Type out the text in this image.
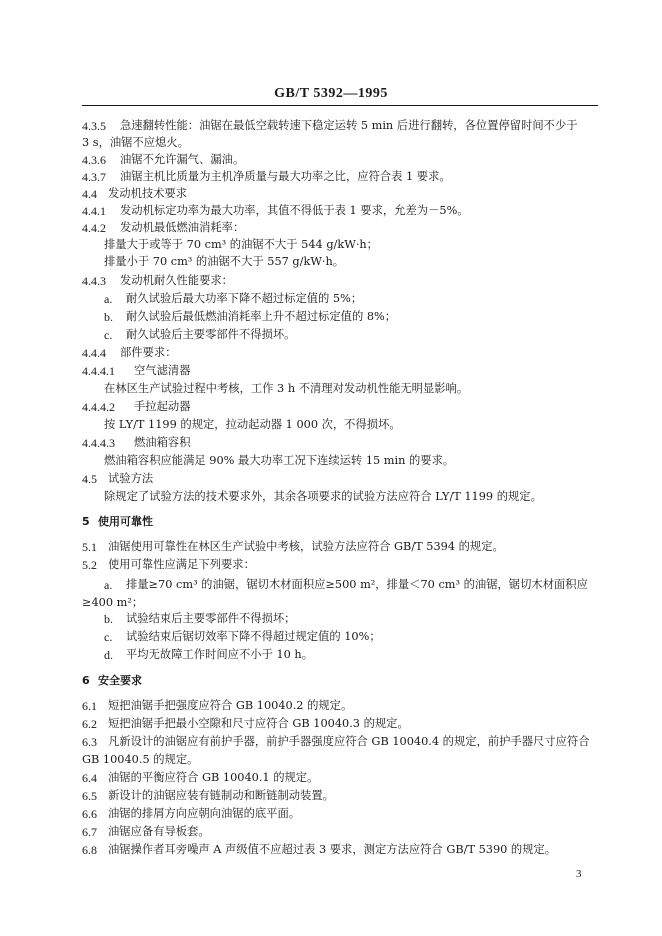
GB/T 5392—1995
4.3.5 急速翻转性能：油锯在最低空载转速下稳定运转 5 min 后进行翻转，各位置停留时间不少于
3 s，油锯不应熄火。
4.3.6 油锯不允许漏气、漏油。
4.3.7 油锯主机比质量为主机净质量与最大功率之比，应符合表 1 要求。
4.4 发动机技术要求
4.4.1 发动机标定功率为最大功率，其值不得低于表 1 要求，允差为－5%。
4.4.2 发动机最低燃油消耗率：
排量大于或等于 70 cm³ 的油锯不大于 544 g/kW·h；
排量小于 70 cm³ 的油锯不大于 557 g/kW·h。
4.4.3 发动机耐久性能要求：
a. 耐久试验后最大功率下降不超过标定值的 5%；
b. 耐久试验后最低燃油消耗率上升不超过标定值的 8%；
c. 耐久试验后主要零部件不得损坏。
4.4.4 部件要求：
4.4.4.1 空气滤清器
在林区生产试验过程中考核，工作 3 h 不清理对发动机性能无明显影响。
4.4.4.2 手拉起动器
按 LY/T 1199 的规定，拉动起动器 1 000 次，不得损坏。
4.4.4.3 燃油箱容积
燃油箱容积应能满足 90% 最大功率工况下连续运转 15 min 的要求。
4.5 试验方法
除规定了试验方法的技术要求外，其余各项要求的试验方法应符合 LY/T 1199 的规定。
5 使用可靠性
5.1 油锯使用可靠性在林区生产试验中考核，试验方法应符合 GB/T 5394 的规定。
5.2 使用可靠性应满足下列要求：
a. 排量≥70 cm³ 的油锯，锯切木材面积应≥500 m²，排量＜70 cm³ 的油锯，锯切木材面积应
≥400 m²；
b. 试验结束后主要零部件不得损坏；
c. 试验结束后锯切效率下降不得超过规定值的 10%；
d. 平均无故障工作时间应不小于 10 h。
6 安全要求
6.1 短把油锯手把强度应符合 GB 10040.2 的规定。
6.2 短把油锯手把最小空隙和尺寸应符合 GB 10040.3 的规定。
6.3 凡新设计的油锯应有前护手器，前护手器强度应符合 GB 10040.4 的规定，前护手器尺寸应符合
GB 10040.5 的规定。
6.4 油锯的平衡应符合 GB 10040.1 的规定。
6.5 新设计的油锯应装有链制动和断链制动装置。
6.6 油锯的排屑方向应朝向油锯的底平面。
6.7 油锯应备有导板套。
6.8 油锯操作者耳旁噪声 A 声级值不应超过表 3 要求，测定方法应符合 GB/T 5390 的规定。
3
